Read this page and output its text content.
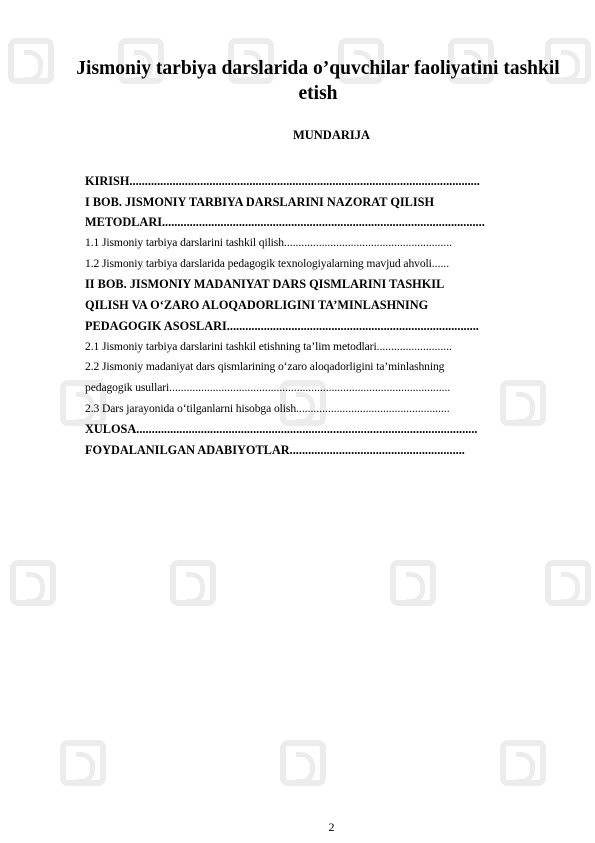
Jismoniy tarbiya darslarida o’quvchilar faoliyatini tashkil etish
MUNDARIJA
KIRISH..................................................................................................................
I BOB. JISMONIY TARBIYA DARSLARINI NAZORAT QILISH
METODLARI.........................................................................................................
1.1 Jismoniy tarbiya darslarini tashkil qilish..........................................................
1.2 Jismoniy tarbiya darslarida pedagogik texnologiyalarning mavjud ahvoli......
II BOB. JISMONIY MADANIYAT DARS QISMLARINI TASHKIL
QILISH VA O‘ZARO ALOQADORLIGINI TA’MINLASHNING
PEDAGOGIK ASOSLARI..................................................................................
2.1 Jismoniy tarbiya darslarini tashkil etishning ta’lim metodlari..........................
2.2 Jismoniy madaniyat dars qismlarining o‘zaro aloqadorligini ta’minlashning
pedagogik usullari.................................................................................................
2.3 Dars jarayonida o‘tilganlarni hisobga olish.....................................................
XULOSA...............................................................................................................
FOYDALANILGAN ADABIYOTLAR.........................................................
2
